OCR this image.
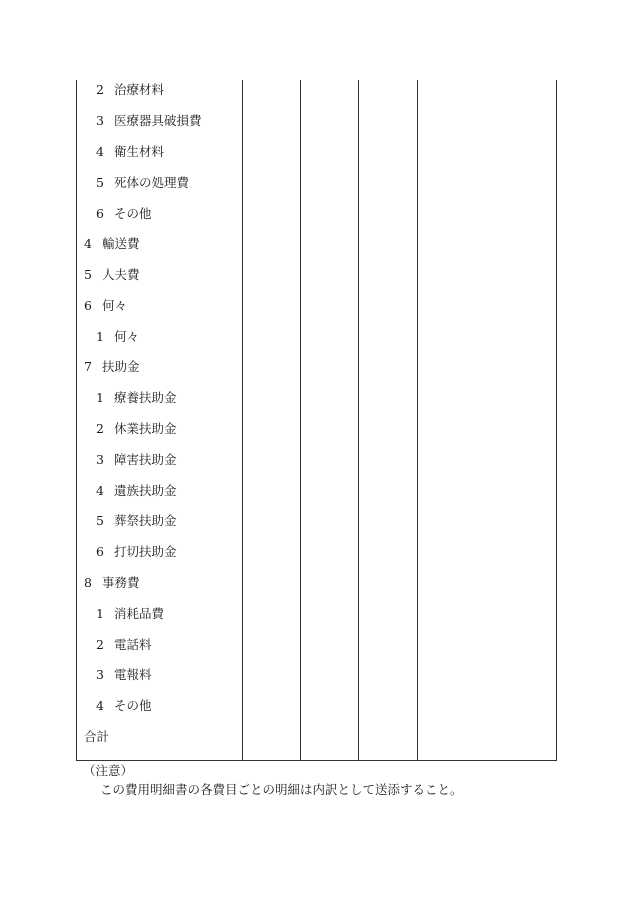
2 治療材料
3 医療器具破損費
4 衛生材料
5 死体の処理費
6 その他
4 輸送費
5 人夫費
6 何々
1 何々
7 扶助金
1 療養扶助金
2 休業扶助金
3 障害扶助金
4 遺族扶助金
5 葬祭扶助金
6 打切扶助金
8 事務費
1 消耗品費
2 電話料
3 電報料
4 その他
合計
（注意）
この費用明細書の各費目ごとの明細は内訳として送添すること。
